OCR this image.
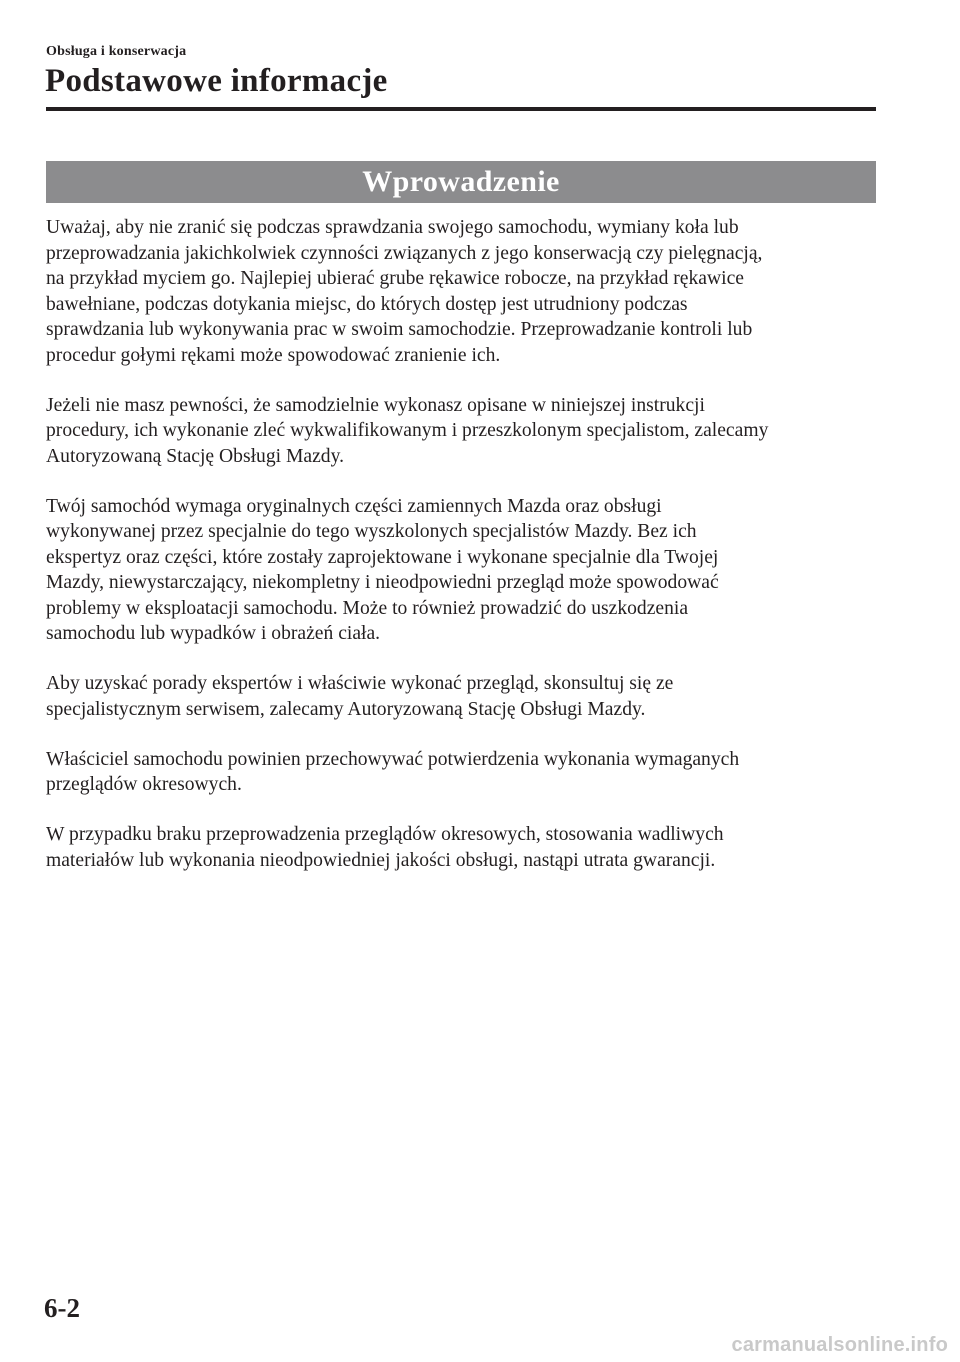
Obsługa i konserwacja
Podstawowe informacje
Wprowadzenie

Uważaj, aby nie zranić się podczas sprawdzania swojego samochodu, wymiany koła lub
przeprowadzania jakichkolwiek czynności związanych z jego konserwacją czy pielęgnacją,
na przykład myciem go. Najlepiej ubierać grube rękawice robocze, na przykład rękawice
bawełniane, podczas dotykania miejsc, do których dostęp jest utrudniony podczas
sprawdzania lub wykonywania prac w swoim samochodzie. Przeprowadzanie kontroli lub
procedur gołymi rękami może spowodować zranienie ich.

Jeżeli nie masz pewności, że samodzielnie wykonasz opisane w niniejszej instrukcji
procedury, ich wykonanie zleć wykwalifikowanym i przeszkolonym specjalistom, zalecamy
Autoryzowaną Stację Obsługi Mazdy.

Twój samochód wymaga oryginalnych części zamiennych Mazda oraz obsługi
wykonywanej przez specjalnie do tego wyszkolonych specjalistów Mazdy. Bez ich
ekspertyz oraz części, które zostały zaprojektowane i wykonane specjalnie dla Twojej
Mazdy, niewystarczający, niekompletny i nieodpowiedni przegląd może spowodować
problemy w eksploatacji samochodu. Może to również prowadzić do uszkodzenia
samochodu lub wypadków i obrażeń ciała.

Aby uzyskać porady ekspertów i właściwie wykonać przegląd, skonsultuj się ze
specjalistycznym serwisem, zalecamy Autoryzowaną Stację Obsługi Mazdy.

Właściciel samochodu powinien przechowywać potwierdzenia wykonania wymaganych
przeglądów okresowych.

W przypadku braku przeprowadzenia przeglądów okresowych, stosowania wadliwych
materiałów lub wykonania nieodpowiedniej jakości obsługi, nastąpi utrata gwarancji.

6-2
carmanualsonline.info
